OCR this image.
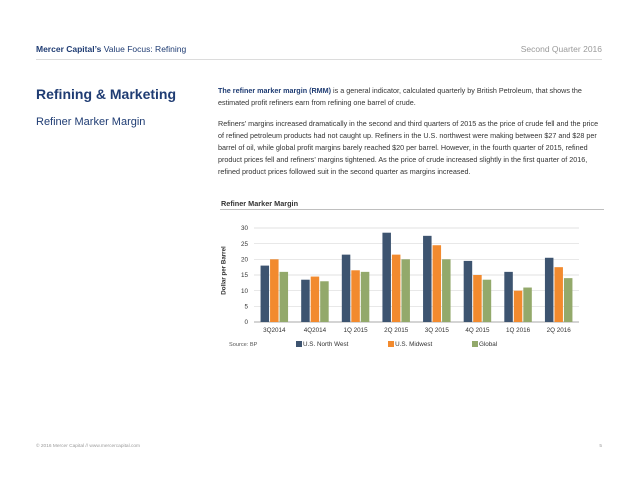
Mercer Capital’s Value Focus: Refining	Second Quarter 2016
Refining & Marketing
Refiner Marker Margin

The refiner marker margin (RMM) is a general indicator, calculated quarterly by British Petroleum, that shows the estimated profit refiners earn from refining one barrel of crude.

Refiners’ margins increased dramatically in the second and third quarters of 2015 as the price of crude fell and the price of refined petroleum products had not caught up. Refiners in the U.S. northwest were making between $27 and $28 per barrel of oil, while global profit margins barely reached $20 per barrel. However, in the fourth quarter of 2015, refined product prices fell and refiners’ margins tightened. As the price of crude increased slightly in the first quarter of 2016, refined product prices followed suit in the second quarter as margins increased.

Refiner Marker Margin
0
5
10
15
20
25
30
3Q2014	4Q2014	1Q 2015	2Q 2015	3Q 2015	4Q 2015	1Q 2016	2Q 2016
Dollar per Barrel
Source: BP	U.S. North West	U.S. Midwest	Global
© 2016 Mercer Capital // www.mercercapital.com	5
